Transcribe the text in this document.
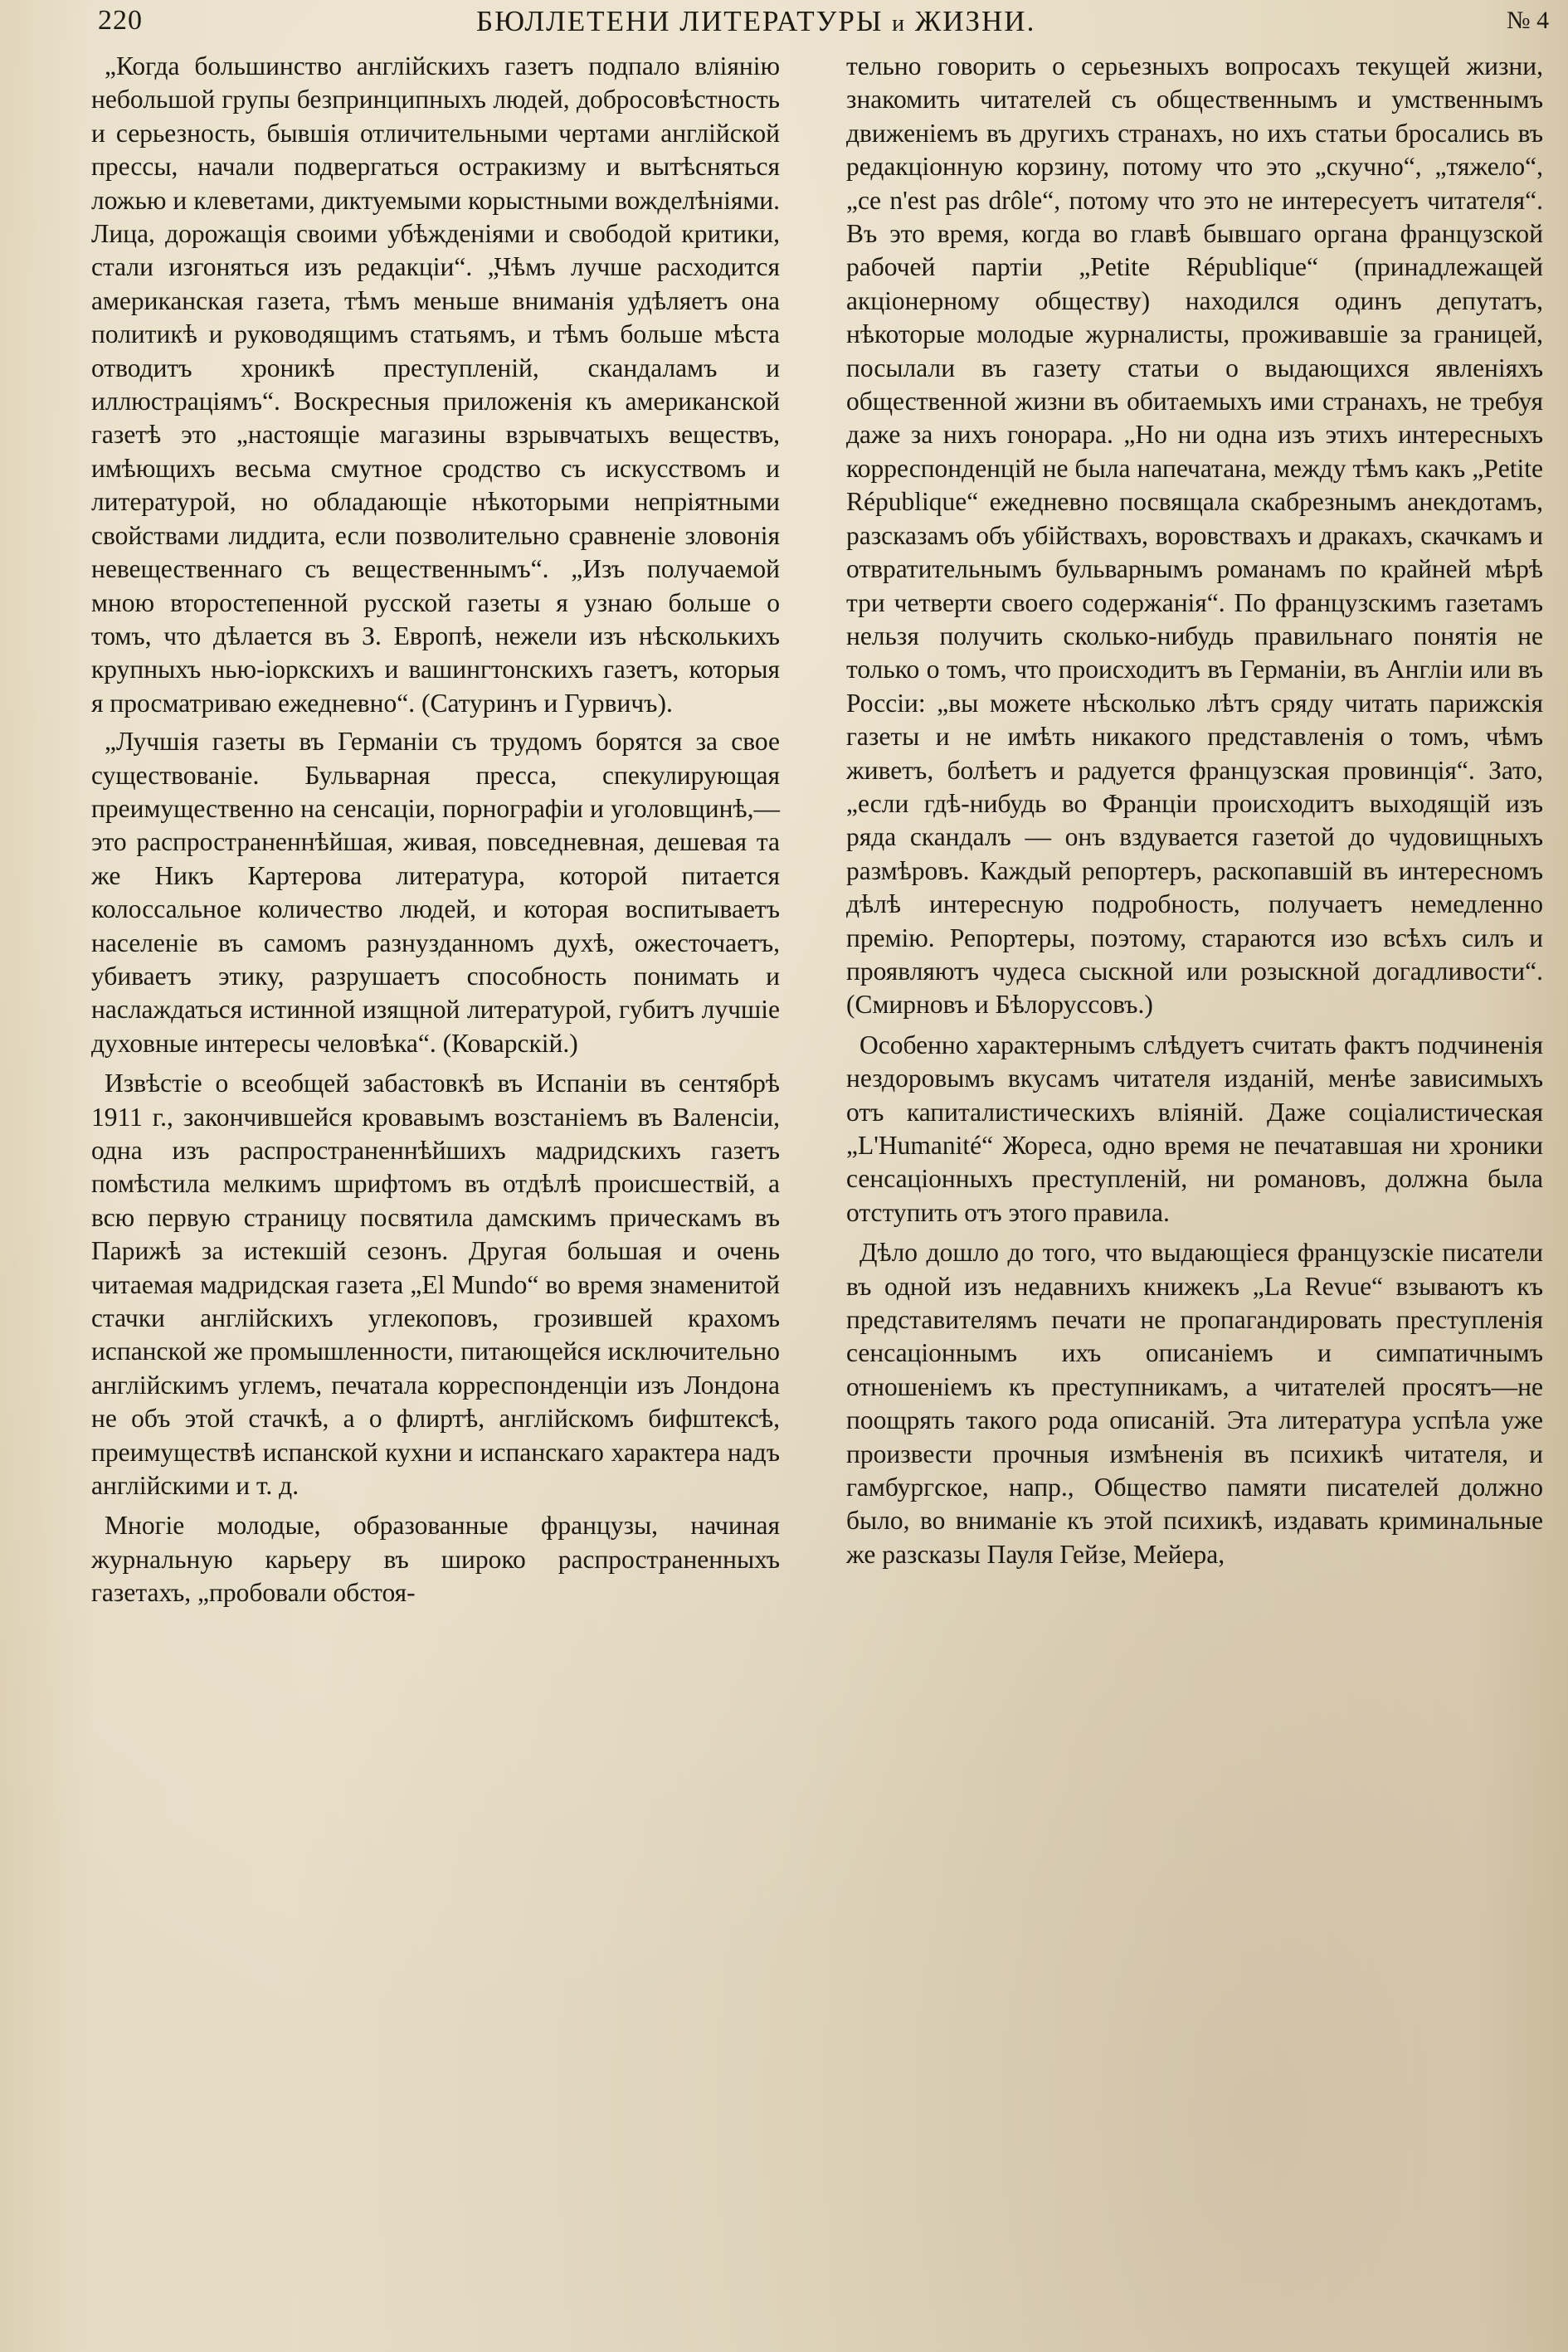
220	БЮЛЛЕТЕНИ ЛИТЕРАТУРЫ и ЖИЗНИ.	№ 4

„Когда большинство англійскихъ газетъ подпало вліянію небольшой групы безпринципныхъ людей, добросовѣстность и серьезность, бывшія отличительными чертами англійской прессы, начали подвергаться остракизму и вытѣсняться ложью и клеветами, диктуемыми корыстными вожделѣніями. Лица, дорожащія своими убѣжденіями и свободой критики, стали изгоняться изъ редакціи“. „Чѣмъ лучше расходится американская газета, тѣмъ меньше вниманія удѣляетъ она политикѣ и руководящимъ статьямъ, и тѣмъ больше мѣста отводитъ хроникѣ преступленій, скандаламъ и иллюстраціямъ“. Воскресныя приложенія къ американской газетѣ это „настоящіе магазины взрывчатыхъ веществъ, имѣющихъ весьма смутное сродство съ искусствомъ и литературой, но обладающіе нѣкоторыми непріятными свойствами лиддита, если позволительно сравненіе зловонія невещественнаго съ вещественнымъ“. „Изъ получаемой мною второстепенной русской газеты я узнаю больше о томъ, что дѣлается въ З. Европѣ, нежели изъ нѣсколькихъ крупныхъ нью-іоркскихъ и вашингтонскихъ газетъ, которыя я просматриваю ежедневно“. (Сатуринъ и Гурвичъ).

„Лучшія газеты въ Германіи съ трудомъ борятся за свое существованіе. Бульварная пресса, спекулирующая преимущественно на сенсаціи, порнографіи и уголовщинѣ,—это распространеннѣйшая, живая, повседневная, дешевая та же Никъ Картерова литература, которой питается колоссальное количество людей, и которая воспитываетъ населеніе въ самомъ разнузданномъ духѣ, ожесточаетъ, убиваетъ этику, разрушаетъ способность понимать и наслаждаться истинной изящной литературой, губитъ лучшіе духовные интересы человѣка“. (Коварскій.)

Извѣстіе о всеобщей забастовкѣ въ Испаніи въ сентябрѣ 1911 г., закончившейся кровавымъ возстаніемъ въ Валенсіи, одна изъ распространеннѣйшихъ мадридскихъ газетъ помѣстила мелкимъ шрифтомъ въ отдѣлѣ происшествій, а всю первую страницу посвятила дамскимъ прическамъ въ Парижѣ за истекшій сезонъ. Другая большая и очень читаемая мадридская газета „El Mundo“ во время знаменитой стачки англійскихъ углекоповъ, грозившей крахомъ испанской же промышленности, питающейся исключительно англійскимъ углемъ, печатала корреспонденціи изъ Лондона не объ этой стачкѣ, а о флиртѣ, англійскомъ бифштексѣ, преимуществѣ испанской кухни и испанскаго характера надъ англійскими и т. д.

Многіе молодые, образованные французы, начиная журнальную карьеру въ широко распространенныхъ газетахъ, „пробовали обстоя-

тельно говорить о серьезныхъ вопросахъ текущей жизни, знакомить читателей съ общественнымъ и умственнымъ движеніемъ въ другихъ странахъ, но ихъ статьи бросались въ редакціонную корзину, потому что это „скучно“, „тяжело“, „ce n'est pas drôle“, потому что это не интересуетъ читателя“. Въ это время, когда во главѣ бывшаго органа французской рабочей партіи „Petite République“ (принадлежащей акціонерному обществу) находился одинъ депутатъ, нѣкоторые молодые журналисты, проживавшіе за границей, посылали въ газету статьи о выдающихся явленіяхъ общественной жизни въ обитаемыхъ ими странахъ, не требуя даже за нихъ гонорара. „Но ни одна изъ этихъ интересныхъ корреспонденцій не была напечатана, между тѣмъ какъ „Petite République“ ежедневно посвящала скабрезнымъ анекдотамъ, разсказамъ объ убійствахъ, воровствахъ и дракахъ, скачкамъ и отвратительнымъ бульварнымъ романамъ по крайней мѣрѣ три четверти своего содержанія“. По французскимъ газетамъ нельзя получить сколько-нибудь правильнаго понятія не только о томъ, что происходитъ въ Германіи, въ Англіи или въ Россіи: „вы можете нѣсколько лѣтъ сряду читать парижскія газеты и не имѣть никакого представленія о томъ, чѣмъ живетъ, болѣетъ и радуется французская провинція“. Зато, „если гдѣ-нибудь во Франціи происходитъ выходящій изъ ряда скандалъ — онъ вздувается газетой до чудовищныхъ размѣровъ. Каждый репортеръ, раскопавшій въ интересномъ дѣлѣ интересную подробность, получаетъ немедленно премію. Репортеры, поэтому, стараются изо всѣхъ силъ и проявляютъ чудеса сыскной или розыскной догадливости“. (Смирновъ и Бѣлоруссовъ.)

Особенно характернымъ слѣдуетъ считать фактъ подчиненія нездоровымъ вкусамъ читателя изданій, менѣе зависимыхъ отъ капиталистическихъ вліяній. Даже соціалистическая „L'Humanité“ Жореса, одно время не печатавшая ни хроники сенсаціонныхъ преступленій, ни романовъ, должна была отступить отъ этого правила.

Дѣло дошло до того, что выдающіеся французскіе писатели въ одной изъ недавнихъ книжекъ „La Revue“ взываютъ къ представителямъ печати не пропагандировать преступленія сенсаціоннымъ ихъ описаніемъ и симпатичнымъ отношеніемъ къ преступникамъ, а читателей просятъ—не поощрять такого рода описаній. Эта литература успѣла уже произвести прочныя измѣненія въ психикѣ читателя, и гамбургское, напр., Общество памяти писателей должно было, во вниманіе къ этой психикѣ, издавать криминальные же разсказы Пауля Гейзе, Мейера,
